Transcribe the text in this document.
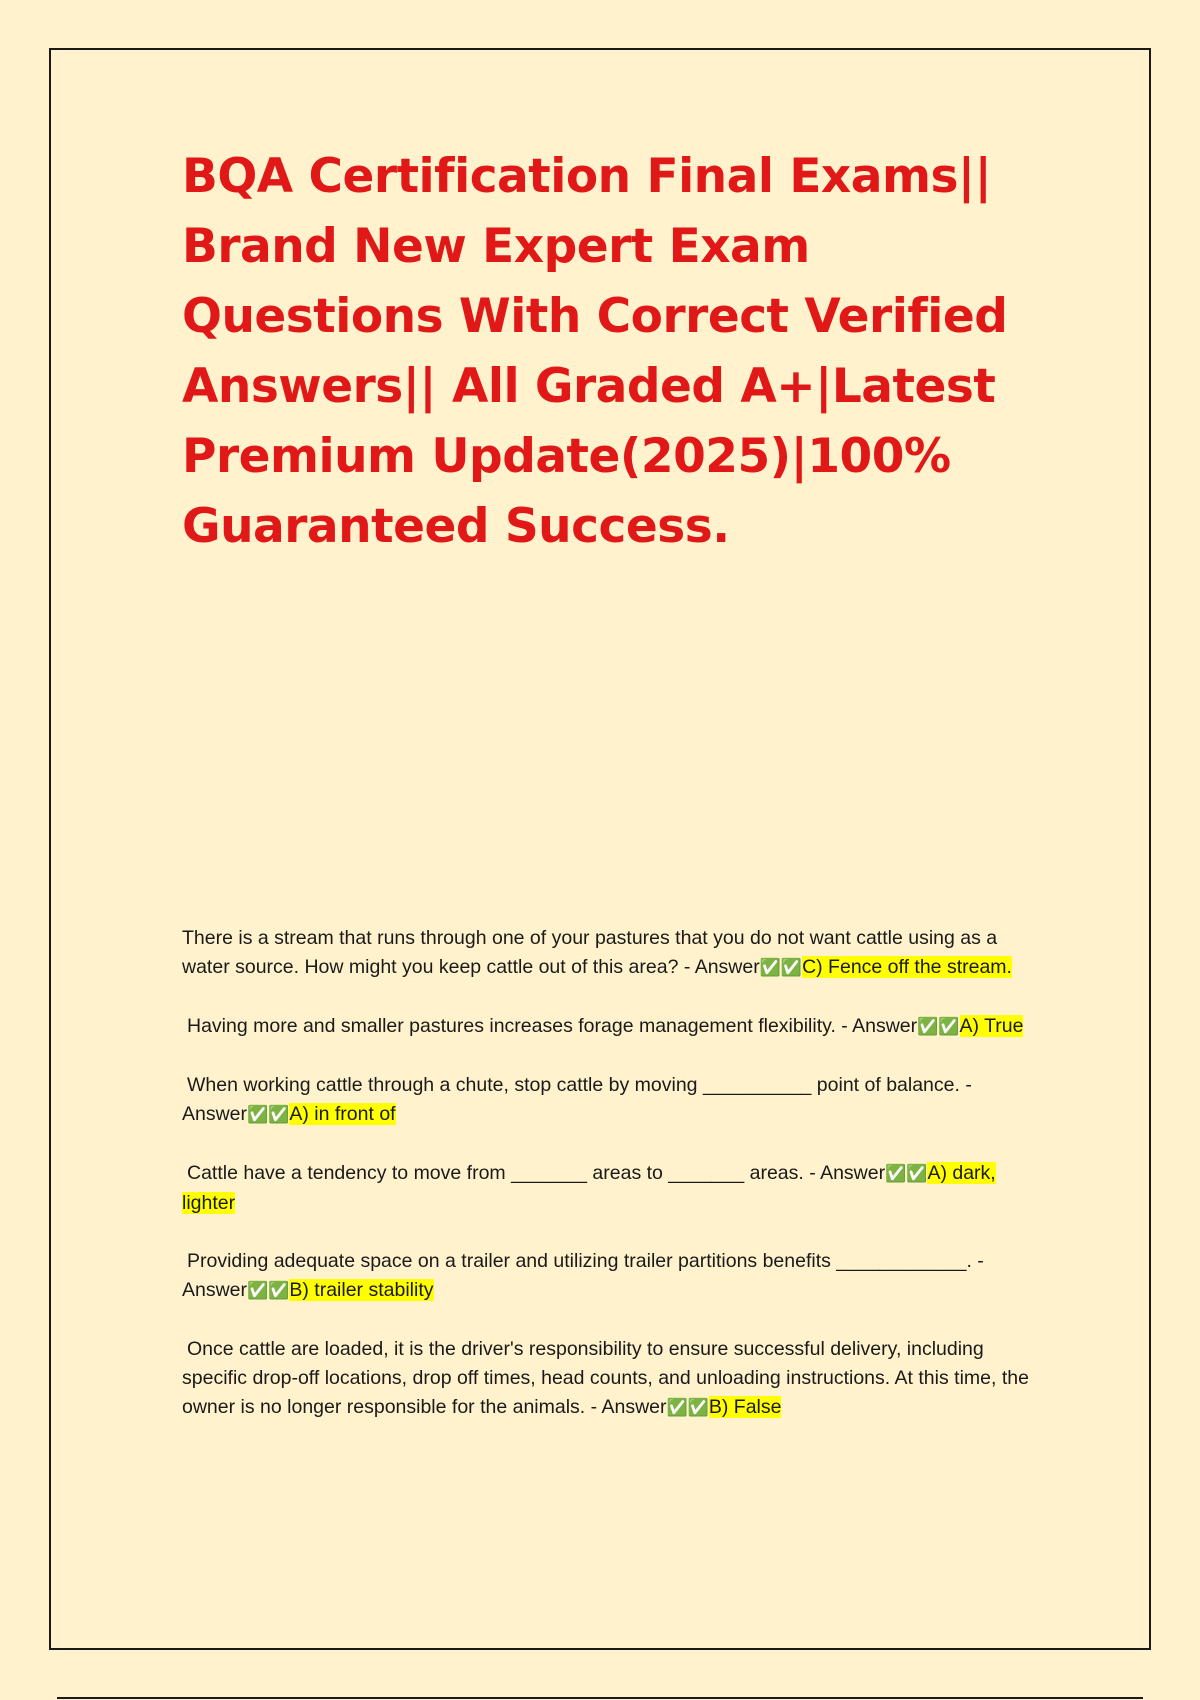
BQA Certification Final Exams|| Brand New Expert Exam Questions With Correct Verified Answers|| All Graded A+|Latest Premium Update(2025)|100% Guaranteed Success.

There is a stream that runs through one of your pastures that you do not want cattle using as a water source. How might you keep cattle out of this area? - Answer✅✅C) Fence off the stream.

Having more and smaller pastures increases forage management flexibility. - Answer✅✅A) True

When working cattle through a chute, stop cattle by moving __________ point of balance. - Answer✅✅A) in front of

Cattle have a tendency to move from _______ areas to _______ areas. - Answer✅✅A) dark, lighter

Providing adequate space on a trailer and utilizing trailer partitions benefits ____________. - Answer✅✅B) trailer stability

Once cattle are loaded, it is the driver's responsibility to ensure successful delivery, including specific drop-off locations, drop off times, head counts, and unloading instructions. At this time, the owner is no longer responsible for the animals. - Answer✅✅B) False
